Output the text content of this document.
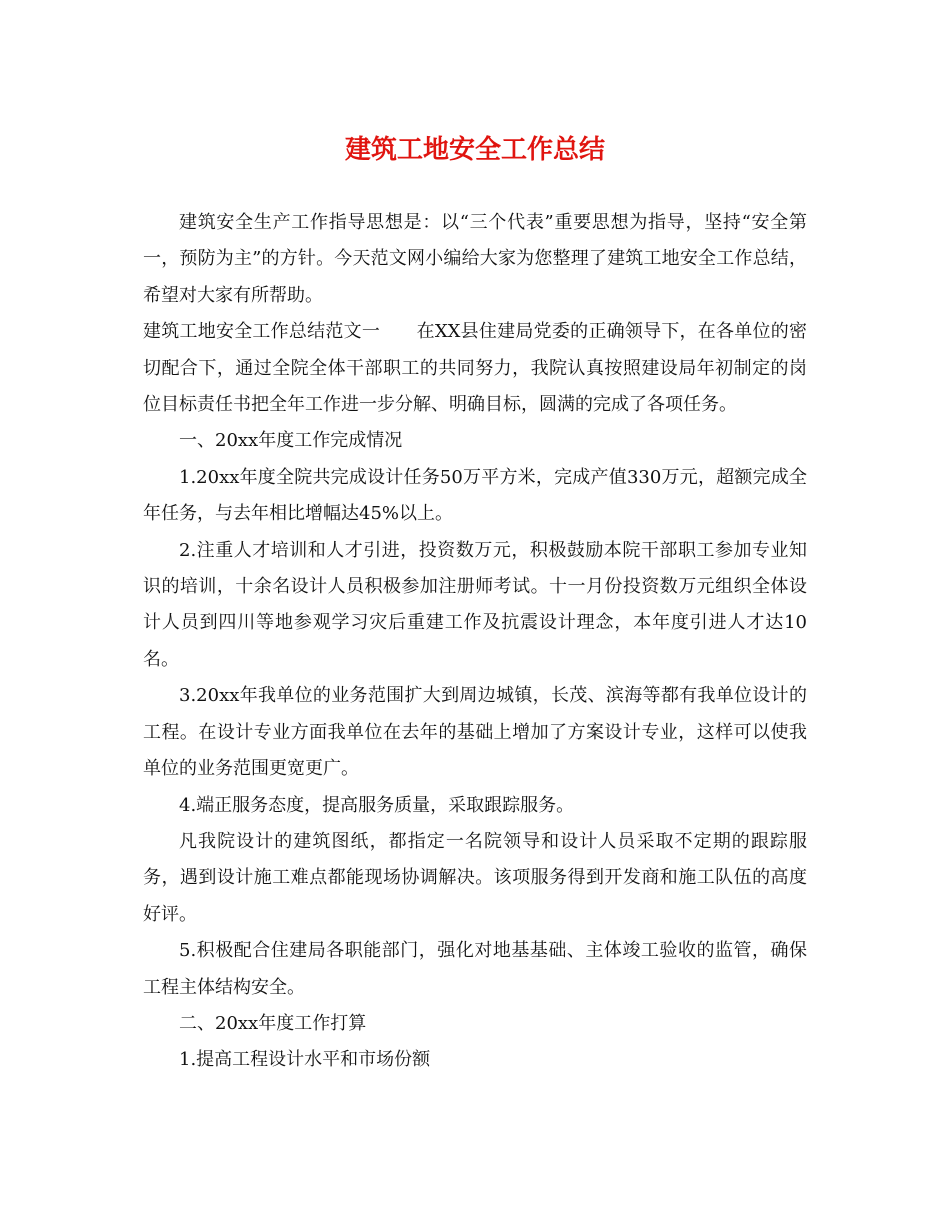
建筑工地安全工作总结

建筑安全生产工作指导思想是：以“三个代表”重要思想为指导，坚持“安全第一，预防为主”的方针。今天范文网小编给大家为您整理了建筑工地安全工作总结，希望对大家有所帮助。

建筑工地安全工作总结范文一　　在XX县住建局党委的正确领导下，在各单位的密切配合下，通过全院全体干部职工的共同努力，我院认真按照建设局年初制定的岗位目标责任书把全年工作进一步分解、明确目标，圆满的完成了各项任务。

一、20xx年度工作完成情况

1.20xx年度全院共完成设计任务50万平方米，完成产值330万元，超额完成全年任务，与去年相比增幅达45%以上。

2.注重人才培训和人才引进，投资数万元，积极鼓励本院干部职工参加专业知识的培训，十余名设计人员积极参加注册师考试。十一月份投资数万元组织全体设计人员到四川等地参观学习灾后重建工作及抗震设计理念，本年度引进人才达10名。

3.20xx年我单位的业务范围扩大到周边城镇，长茂、滨海等都有我单位设计的工程。在设计专业方面我单位在去年的基础上增加了方案设计专业，这样可以使我单位的业务范围更宽更广。

4.端正服务态度，提高服务质量，采取跟踪服务。

凡我院设计的建筑图纸，都指定一名院领导和设计人员采取不定期的跟踪服务，遇到设计施工难点都能现场协调解决。该项服务得到开发商和施工队伍的高度好评。

5.积极配合住建局各职能部门，强化对地基基础、主体竣工验收的监管，确保工程主体结构安全。

二、20xx年度工作打算

1.提高工程设计水平和市场份额
